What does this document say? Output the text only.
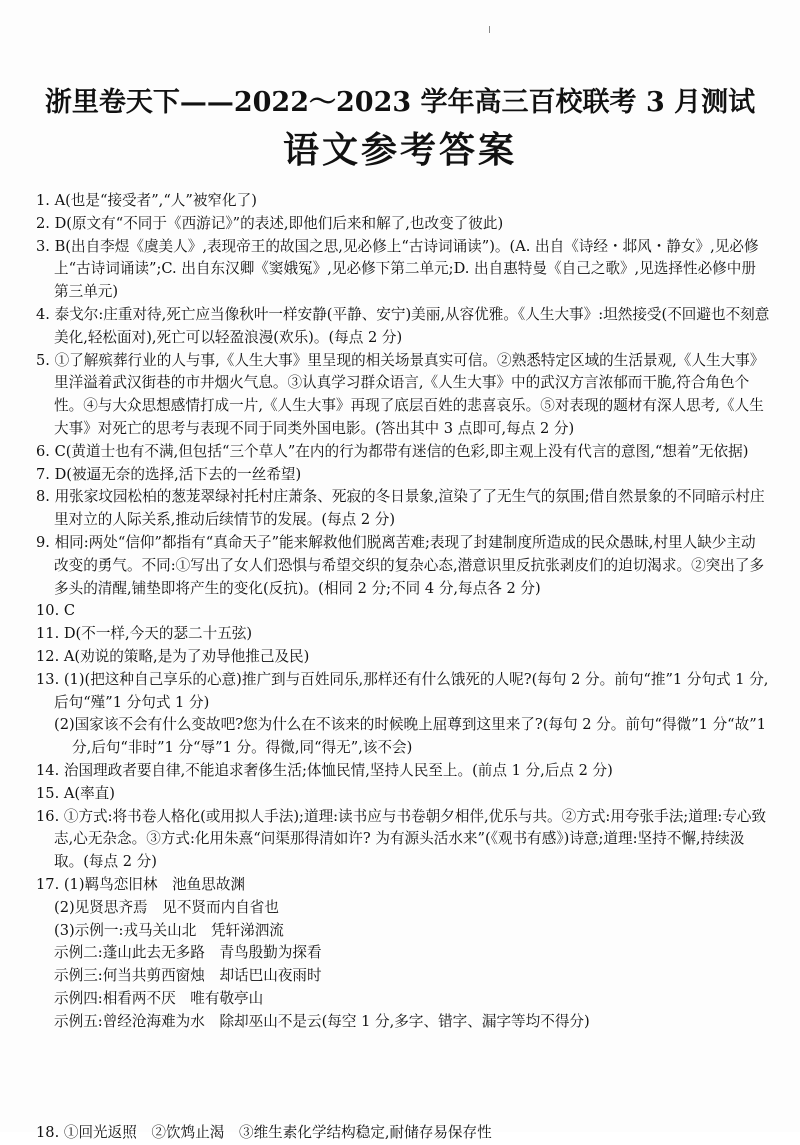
浙里卷天下——2022～2023 学年高三百校联考 3 月测试
语文参考答案
1. A(也是“接受者”,“人”被窄化了)
2. D(原文有“不同于《西游记》”的表述,即他们后来和解了,也改变了彼此)
3. B(出自李煜《虞美人》,表现帝王的故国之思,见必修上“古诗词诵读”)。(A. 出自《诗经・邶风・静女》,见必修上“古诗词诵读”;C. 出自东汉卿《窦娥冤》,见必修下第二单元;D. 出自惠特曼《自己之歌》,见选择性必修中册第三单元)
4. 泰戈尔:庄重对待,死亡应当像秋叶一样安静(平静、安宁)美丽,从容优雅。《人生大事》:坦然接受(不回避也不刻意美化,轻松面对),死亡可以轻盈浪漫(欢乐)。(每点 2 分)
5. ①了解殡葬行业的人与事,《人生大事》里呈现的相关场景真实可信。②熟悉特定区域的生活景观,《人生大事》里洋溢着武汉街巷的市井烟火气息。③认真学习群众语言,《人生大事》中的武汉方言浓郁而干脆,符合角色个性。④与大众思想感情打成一片,《人生大事》再现了底层百姓的悲喜哀乐。⑤对表现的题材有深人思考,《人生大事》对死亡的思考与表现不同于同类外国电影。(答出其中 3 点即可,每点 2 分)
6. C(黄道士也有不满,但包括“三个草人”在内的行为都带有迷信的色彩,即主观上没有代言的意图,“想着”无依据)
7. D(被逼无奈的选择,活下去的一丝希望)
8. 用张家坟园松柏的葱茏翠绿衬托村庄萧条、死寂的冬日景象,渲染了了无生气的氛围;借自然景象的不同暗示村庄里对立的人际关系,推动后续情节的发展。(每点 2 分)
9. 相同:两处“信仰”都指有“真命天子”能来解救他们脱离苦难;表现了封建制度所造成的民众愚昧,村里人缺少主动改变的勇气。不同:①写出了女人们恐惧与希望交织的复杂心态,潜意识里反抗张剥皮们的迫切渴求。②突出了多多头的清醒,铺垫即将产生的变化(反抗)。(相同 2 分;不同 4 分,每点各 2 分)
10. C
11. D(不一样,今天的瑟二十五弦)
12. A(劝说的策略,是为了劝导他推己及民)
13. (1)(把这种自己享乐的心意)推广到与百姓同乐,那样还有什么饿死的人呢?(每句 2 分。前句“推”1 分句式 1 分,后句“殣”1 分句式 1 分)
(2)国家该不会有什么变故吧?您为什么在不该来的时候晚上屈尊到这里来了?(每句 2 分。前句“得微”1 分“故”1 分,后句“非时”1 分“辱”1 分。得微,同“得无”,该不会)
14. 治国理政者要自律,不能追求奢侈生活;体恤民情,坚持人民至上。(前点 1 分,后点 2 分)
15. A(率直)
16. ①方式:将书卷人格化(或用拟人手法);道理:读书应与书卷朝夕相伴,优乐与共。②方式:用夸张手法;道理:专心致志,心无杂念。③方式:化用朱熹“问渠那得清如许? 为有源头活水来”(《观书有感》)诗意;道理:坚持不懈,持续汲取。(每点 2 分)
17. (1)羁鸟恋旧林　池鱼思故渊
(2)见贤思齐焉　见不贤而内自省也
(3)示例一:戎马关山北　凭轩涕泗流
示例二:蓬山此去无多路　青鸟殷勤为探看
示例三:何当共剪西窗烛　却话巴山夜雨时
示例四:相看两不厌　唯有敬亭山
示例五:曾经沧海难为水　除却巫山不是云(每空 1 分,多字、错字、漏字等均不得分)
18. ①回光返照　②饮鸩止渴　③维生素化学结构稳定,耐储存易保存性
